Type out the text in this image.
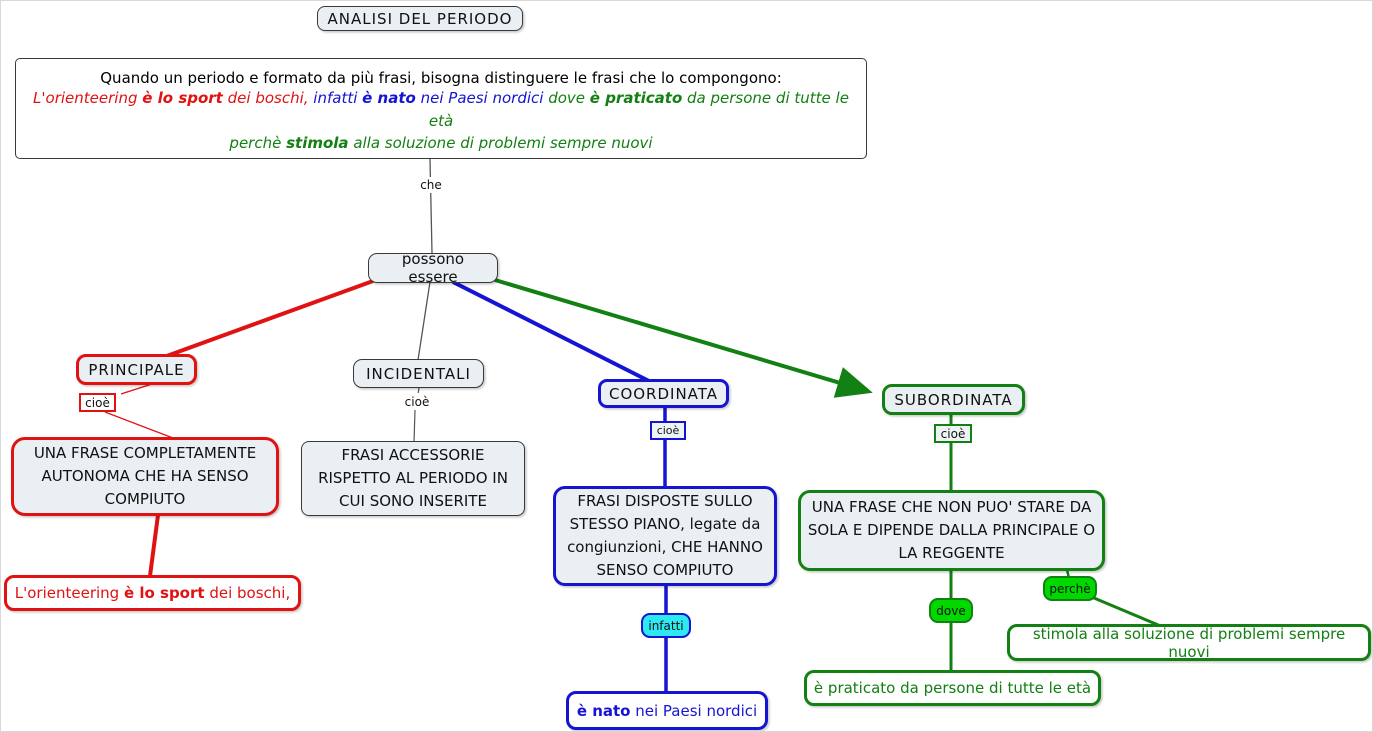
ANALISI DEL PERIODO
Quando un periodo e formato da più frasi, bisogna distinguere le frasi che lo compongono:
L'orienteering è lo sport dei boschi, infatti è nato nei Paesi nordici dove è praticato da persone di tutte le età
perchè stimola alla soluzione di problemi sempre nuovi
che
possono essere
PRINCIPALE
cioè
UNA FRASE COMPLETAMENTE AUTONOMA CHE HA SENSO COMPIUTO
L'orienteering è lo sport dei boschi,
INCIDENTALI
cioè
FRASI ACCESSORIE RISPETTO AL PERIODO IN CUI SONO INSERITE
COORDINATA
cioè
FRASI DISPOSTE SULLO STESSO PIANO, legate da congiunzioni, CHE HANNO SENSO COMPIUTO
infatti
è nato nei Paesi nordici
SUBORDINATA
cioè
UNA FRASE CHE NON PUO' STARE DA SOLA E DIPENDE DALLA PRINCIPALE O LA REGGENTE
dove
perchè
stimola alla soluzione di problemi sempre nuovi
è praticato da persone di tutte le età
